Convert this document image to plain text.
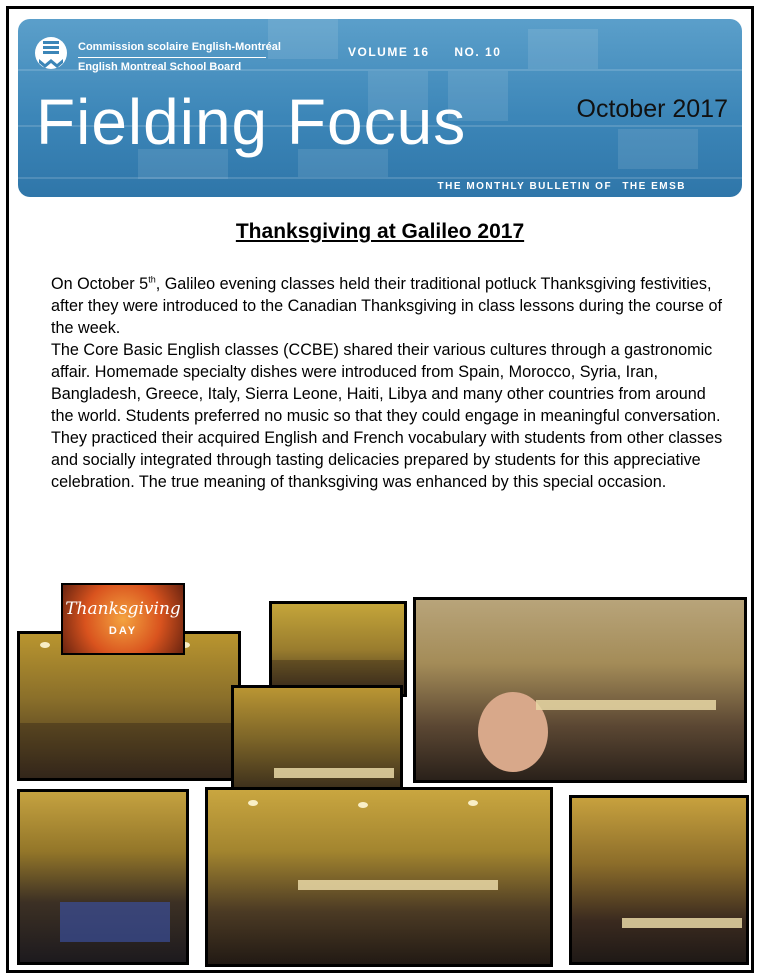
Commission scolaire English-Montréal
English Montreal School Board
VOLUME 16 NO. 10
Fielding Focus	October 2017
THE MONTHLY BULLETIN OF THE EMSB
Thanksgiving at Galileo 2017

On October 5th, Galileo evening classes held their traditional potluck Thanksgiving festivities, after they were introduced to the Canadian Thanksgiving in class lessons during the course of the week.

The Core Basic English classes (CCBE) shared their various cultures through a gastronomic affair. Homemade specialty dishes were introduced from Spain, Morocco, Syria, Iran, Bangladesh, Greece, Italy, Sierra Leone, Haiti, Libya and many other countries from around the world. Students preferred no music so that they could engage in meaningful conversation. They practiced their acquired English and French vocabulary with students from other classes and socially integrated through tasting delicacies prepared by students for this appreciative celebration. The true meaning of thanksgiving was enhanced by this special occasion.

Thanksgiving
DAY
